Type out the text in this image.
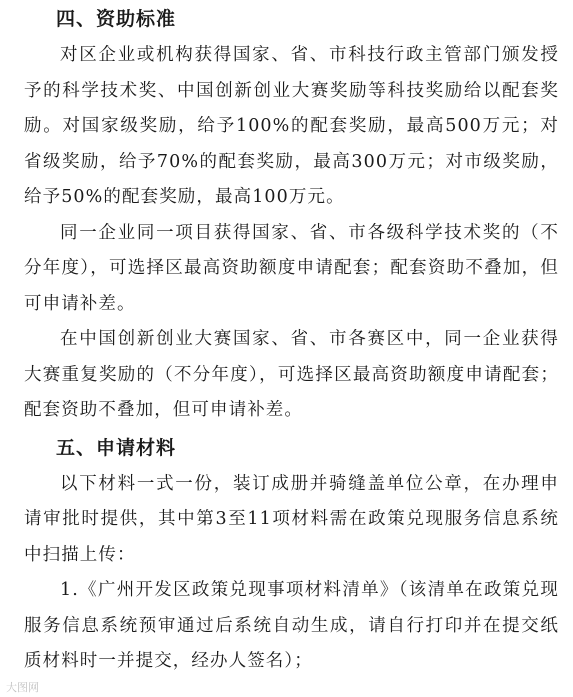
四、资助标准

对区企业或机构获得国家、省、市科技行政主管部门颁发授予的科学技术奖、中国创新创业大赛奖励等科技奖励给以配套奖励。对国家级奖励，给予100%的配套奖励，最高500万元；对省级奖励，给予70%的配套奖励，最高300万元；对市级奖励，给予50%的配套奖励，最高100万元。

同一企业同一项目获得国家、省、市各级科学技术奖的（不分年度），可选择区最高资助额度申请配套；配套资助不叠加，但可申请补差。

在中国创新创业大赛国家、省、市各赛区中，同一企业获得大赛重复奖励的（不分年度），可选择区最高资助额度申请配套；配套资助不叠加，但可申请补差。

五、申请材料

以下材料一式一份，装订成册并骑缝盖单位公章，在办理申请审批时提供，其中第3至11项材料需在政策兑现服务信息系统中扫描上传：

1.《广州开发区政策兑现事项材料清单》（该清单在政策兑现服务信息系统预审通过后系统自动生成，请自行打印并在提交纸质材料时一并提交，经办人签名）；

大图网
